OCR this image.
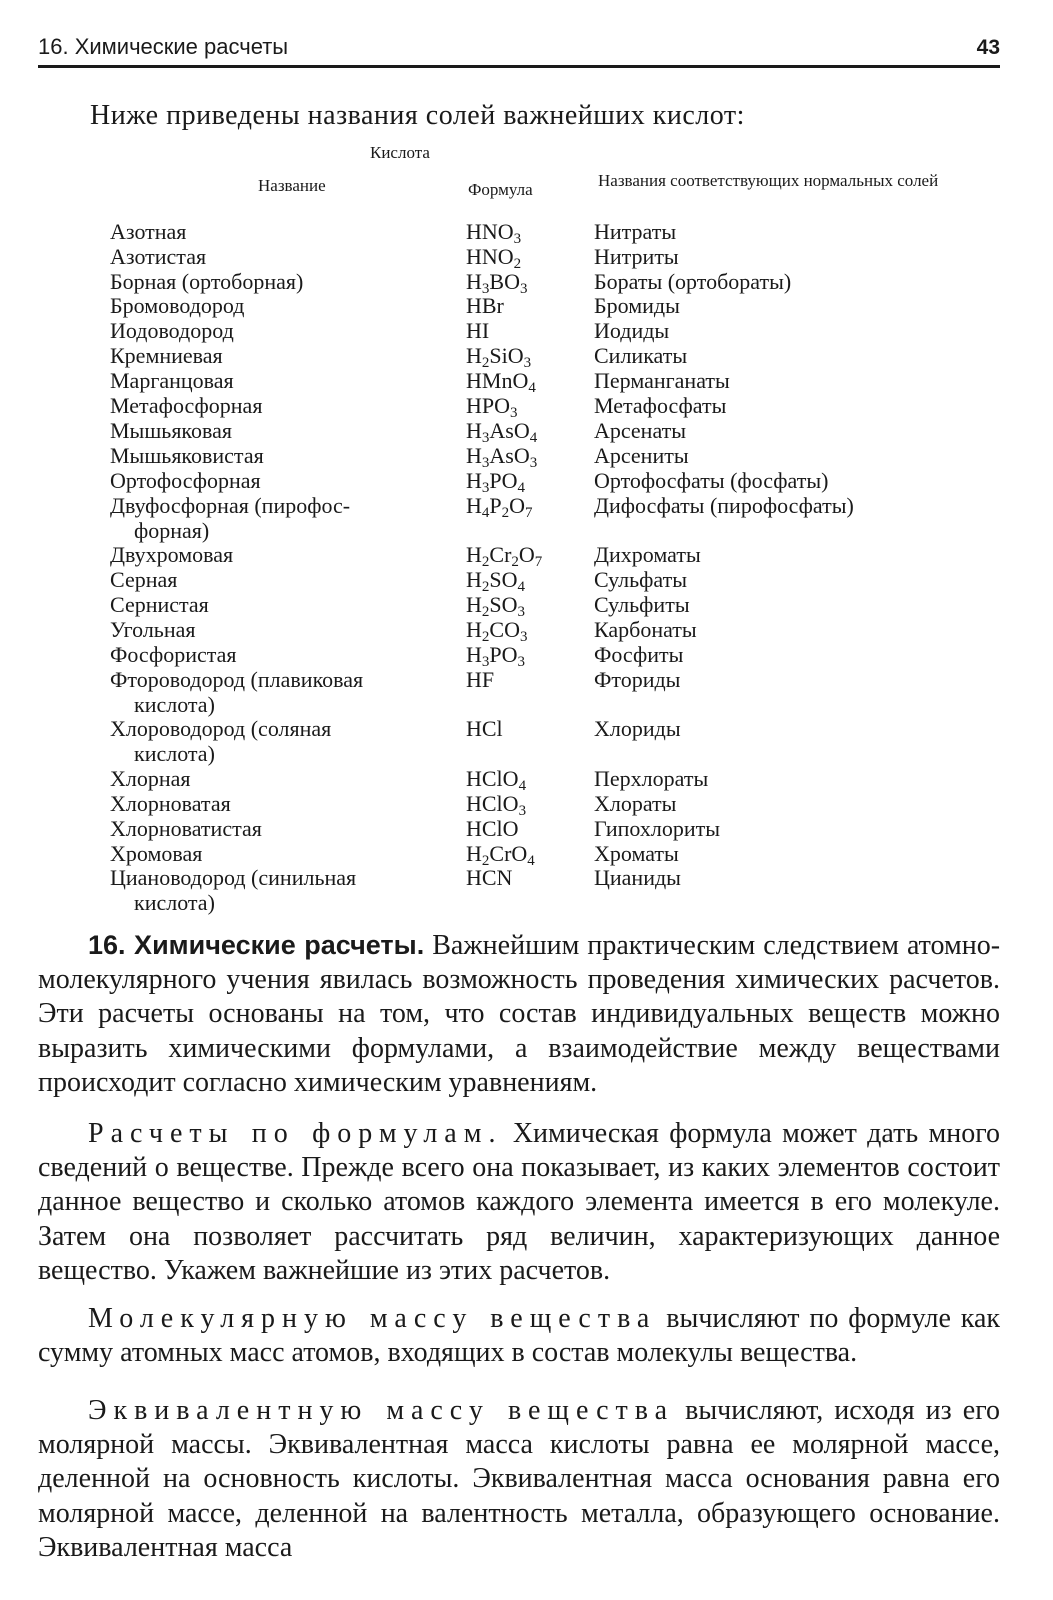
16. Химические расчеты	43
Ниже приведены названия солей важнейших кислот:
Кислота
Название	Формула	Названия соответствующих нормальных солей
Азотная	$HNO_3$	Нитраты
Азотистая	$HNO_2$	Нитриты
Борная (ортоборная)	$H_3BO_3$	Бораты (ортобораты)
Бромоводород	HBr	Бромиды
Иодоводород	HI	Иодиды
Кремниевая	$H_2SiO_3$	Силикаты
Марганцовая	HMnO$_4$	Перманганаты
Метафосфорная	$HPO_3$	Метафосфаты
Мышьяковая	$H_3AsO_4$	Арсенаты
Мышьяковистая	$H_3AsO_3$	Арсениты
Ортофосфорная	$H_3PO_4$	Ортофосфаты (фосфаты)
Двуфосфорная (пирофос-
форная)
$H_4P_2O_7$	Дифосфаты (пирофосфаты)
Двухромовая	$H_2Cr_2O_7$ Дихроматы
Серная	$H_2SO_4$	Сульфаты
Сернистая	$H_2SO_3$	Сульфиты
Угольная	$H_2CO_3$	Карбонаты
Фосфористая	$H_3PO_3$	Фосфиты
Фтороводород (плавиковая
кислота)
HF	Фториды
Хлороводород (соляная
кислота)
HCl	Хлориды
Хлорная	HClO$_4$	Перхлораты
Хлорноватая	HClO$_3$	Хлораты
Хлорноватистая	HClO	Гипохлориты
Хромовая	$H_2CrO_4$	Хроматы
Циановодород (синильная
кислота)
HCN	Цианиды
16. Химические расчеты. Важнейшим практическим следствием атомно-молекулярного учения явилась возможность проведения химических расчетов. Эти расчеты основаны на том, что состав индивидуальных веществ можно выразить химическими формулами, а взаимодействие между веществами происходит согласно химическим уравнениям.
Расчеты по формулам. Химическая формула может дать много сведений о веществе. Прежде всего она показывает, из каких элементов состоит данное вещество и сколько атомов каждого элемента имеется в его молекуле. Затем она позволяет рассчитать ряд величин, характеризующих данное вещество. Укажем важнейшие из этих расчетов.
Молекулярную массу вещества вычисляют по формуле как сумму атомных масс атомов, входящих в состав молекулы вещества.
Эквивалентную массу вещества вычисляют, исходя из его молярной массы. Эквивалентная масса кислоты равна ее молярной массе, деленной на основность кислоты. Эквивалентная масса основания равна его молярной массе, деленной на валентность металла, образующего основание. Эквивалентная масса
